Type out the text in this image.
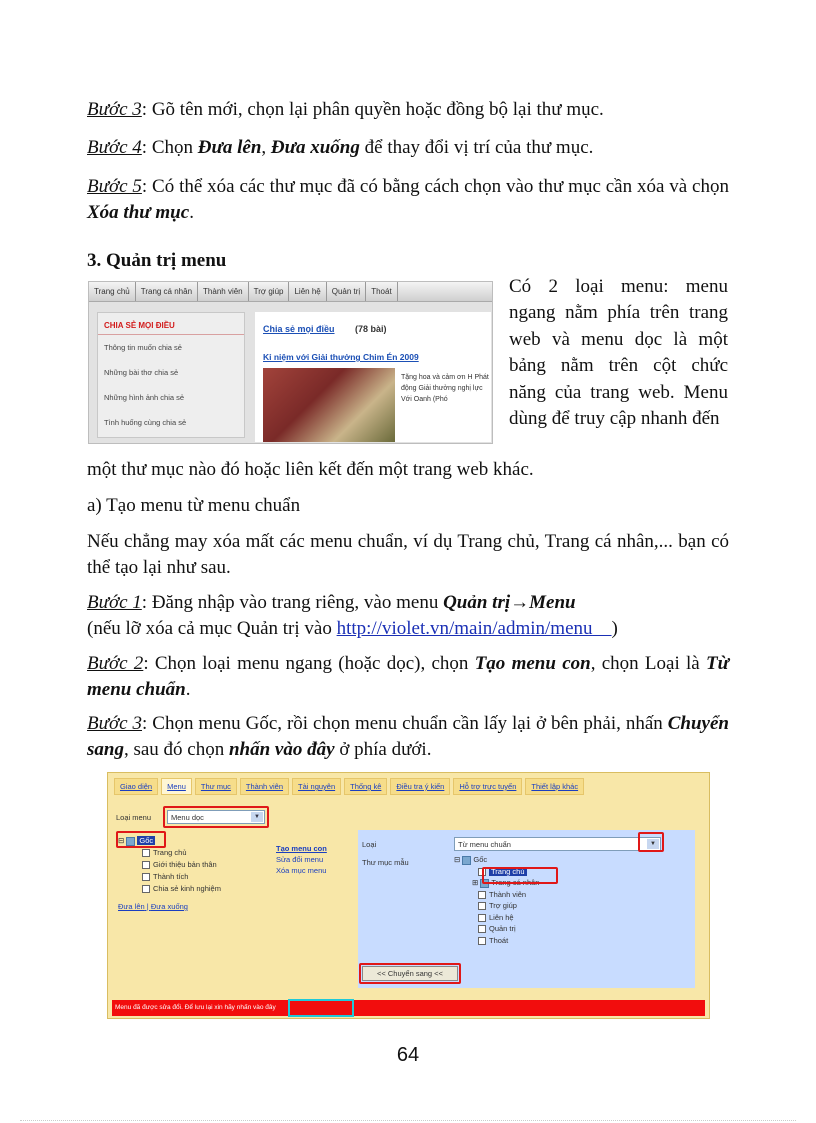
Bước 3: Gõ tên mới, chọn lại phân quyền hoặc đồng bộ lại thư mục.

Bước 4: Chọn Đưa lên, Đưa xuống để thay đổi vị trí của thư mục.

Bước 5: Có thể xóa các thư mục đã có bằng cách chọn vào thư mục cần xóa và chọn Xóa thư mục.

3. Quản trị menu
Trang chủ	Trang cá nhân	Thành viên	Trợ giúp	Liên hệ	Quản trị	Thoát
CHIA SẺ MỌI ĐIỀU
Thông tin muốn chia sẻ
Những bài thơ chia sẻ
Những hình ảnh chia sẻ
Tình huống cùng chia sẻ
Chia sẻ mọi điều (78 bài)
Kỉ niệm với Giải thưởng Chim Én 2009
Tặng hoa và cảm ơn H Phát động Giải thưởng nghị lực Với Oanh (Phó

Có 2 loại menu: menu ngang nằm phía trên trang web và menu dọc là một bảng nằm trên cột chức năng của trang web. Menu dùng để truy cập nhanh đến

một thư mục nào đó hoặc liên kết đến một trang web khác.

a) Tạo menu từ menu chuẩn

Nếu chẳng may xóa mất các menu chuẩn, ví dụ Trang chủ, Trang cá nhân,... bạn có thể tạo lại như sau.

Bước 1: Đăng nhập vào trang riêng, vào menu Quản trị→Menu
(nếu lỡ xóa cả mục Quản trị vào http://violet.vn/main/admin/menu )

Bước 2: Chọn loại menu ngang (hoặc dọc), chọn Tạo menu con, chọn Loại là Từ menu chuẩn.

Bước 3: Chọn menu Gốc, rồi chọn menu chuẩn cần lấy lại ở bên phải, nhấn Chuyển sang, sau đó chọn nhấn vào đây ở phía dưới.

Giao diện	Menu	Thư mục	Thành viên	Tài nguyên	Thống kê	Điều tra ý kiến	Hỗ trợ trực tuyến	Thiết lập khác
Loại menu	Menu dọc	▼
⊟ Gốc
Trang chủ
Giới thiệu bản thân
Thành tích
Chia sẻ kinh nghiệm
Đưa lên | Đưa xuống
Tạo menu con
Sửa đổi menu
Xóa mục menu
Loại
Thư mục mẫu
Từ menu chuẩn	▼
⊟ Gốc
Trang chủ
⊞ Trang cá nhân
Thành viên
Trợ giúp
Liên hệ
Quản trị
Thoát
<< Chuyển sang <<
Menu đã được sửa đổi. Để lưu lại xin hãy nhấn vào đây
64
